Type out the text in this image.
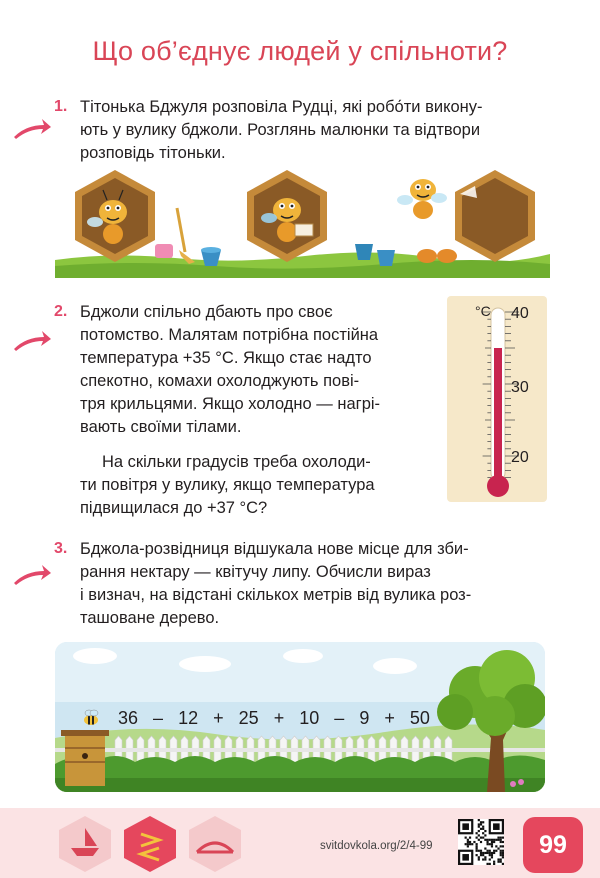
Що об’єднує людей у спільноти?
1. Тітонька Бджуля розповіла Рудці, які робо́ти викону-
ють у вулику бджоли. Розглянь малюнки та відтвори
розповідь тітоньки.
2. Бджоли спільно дбають про своє
потомство. Малятам потрібна постійна
температура +35 °С. Якщо стає надто
спекотно, комахи охолоджують пові-
тря крильцями. Якщо холодно — нагрі-
вають своїми тілами.
На скільки градусів треба охолоди-
ти повітря у вулику, якщо температура
підвищилася до +37 °С?
°C 40
30
20
3. Бджола-розвідниця відшукала нове місце для зби-
рання нектару — квітучу липу. Обчисли вираз
і визнач, на відстані скількох метрів від вулика роз-
ташоване дерево.
36 – 12 + 25 + 10 – 9 + 50
svitdovkola.org/2/4-99	99
